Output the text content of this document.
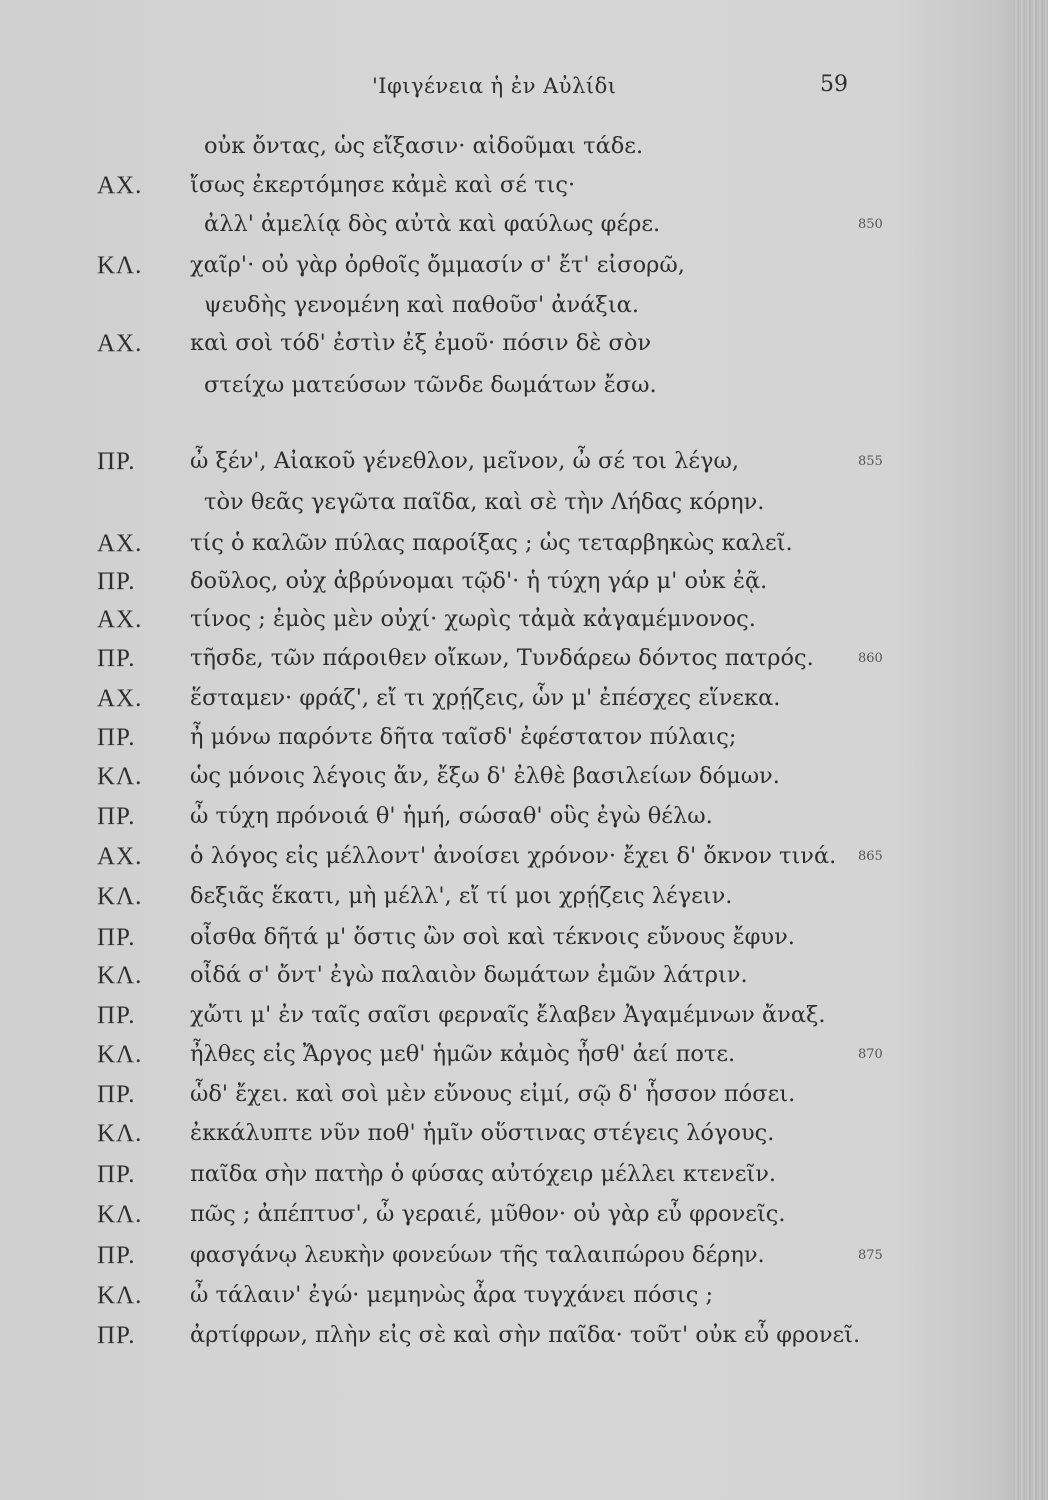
'Ιφιγένεια ἡ ἐν Αὐλίδι	59
οὐκ ὄντας, ὡς εἴξασιν· αἰδοῦμαι τάδε.
ΑΧ. ἴσως ἐκερτόμησε κἀμὲ καὶ σέ τις·
ἀλλ' ἀμελίᾳ δὸς αὐτὰ καὶ φαύλως φέρε.	850
ΚΛ. χαῖρ'· οὐ γὰρ ὀρθοῖς ὄμμασίν σ' ἔτ' εἰσορῶ,
ψευδὴς γενομένη καὶ παθοῦσ' ἀνάξια.
ΑΧ. καὶ σοὶ τόδ' ἐστὶν ἐξ ἐμοῦ· πόσιν δὲ σὸν
στείχω ματεύσων τῶνδε δωμάτων ἔσω.
ΠΡ. ὦ ξέν', Αἰακοῦ γένεθλον, μεῖνον, ὦ σέ τοι λέγω,	855
τὸν θεᾶς γεγῶτα παῖδα, καὶ σὲ τὴν Λήδας κόρην.
ΑΧ. τίς ὁ καλῶν πύλας παροίξας ; ὡς τεταρβηκὼς καλεῖ.
ΠΡ. δοῦλος, οὐχ ἁβρύνομαι τῷδ'· ἡ τύχη γάρ μ' οὐκ ἐᾷ.
ΑΧ. τίνος ; ἐμὸς μὲν οὐχί· χωρὶς τἀμὰ κἀγαμέμνονος.
ΠΡ. τῆσδε, τῶν πάροιθεν οἴκων, Τυνδάρεω δόντος πατρός.	860
ΑΧ. ἕσταμεν· φράζ', εἴ τι χρῄζεις, ὧν μ' ἐπέσχες εἵνεκα.
ΠΡ. ἦ μόνω παρόντε δῆτα ταῖσδ' ἐφέστατον πύλαις;
ΚΛ. ὡς μόνοις λέγοις ἄν, ἔξω δ' ἐλθὲ βασιλείων δόμων.
ΠΡ. ὦ τύχη πρόνοιά θ' ἡμή, σώσαθ' οὓς ἐγὼ θέλω.
ΑΧ. ὁ λόγος εἰς μέλλοντ' ἀνοίσει χρόνον· ἔχει δ' ὄκνον τινά. 865
ΚΛ. δεξιᾶς ἕκατι, μὴ μέλλ', εἴ τί μοι χρῄζεις λέγειν.
ΠΡ. οἶσθα δῆτά μ' ὅστις ὢν σοὶ καὶ τέκνοις εὔνους ἔφυν.
ΚΛ. οἶδά σ' ὄντ' ἐγὼ παλαιὸν δωμάτων ἐμῶν λάτριν.
ΠΡ. χὤτι μ' ἐν ταῖς σαῖσι φερναῖς ἔλαβεν Ἀγαμέμνων ἄναξ.
ΚΛ. ἦλθες εἰς Ἄργος μεθ' ἡμῶν κἀμὸς ἦσθ' ἀεί ποτε.	870
ΠΡ. ὧδ' ἔχει. καὶ σοὶ μὲν εὔνους εἰμί, σῷ δ' ἧσσον πόσει.
ΚΛ. ἐκκάλυπτε νῦν ποθ' ἡμῖν οὕστινας στέγεις λόγους.
ΠΡ. παῖδα σὴν πατὴρ ὁ φύσας αὐτόχειρ μέλλει κτενεῖν.
ΚΛ. πῶς ; ἀπέπτυσ', ὦ γεραιέ, μῦθον· οὐ γὰρ εὖ φρονεῖς.
ΠΡ. φασγάνῳ λευκὴν φονεύων τῆς ταλαιπώρου δέρην.	875
ΚΛ. ὦ τάλαιν' ἐγώ· μεμηνὼς ἆρα τυγχάνει πόσις ;
ΠΡ. ἀρτίφρων, πλὴν εἰς σὲ καὶ σὴν παῖδα· τοῦτ' οὐκ εὖ φρονεῖ.
